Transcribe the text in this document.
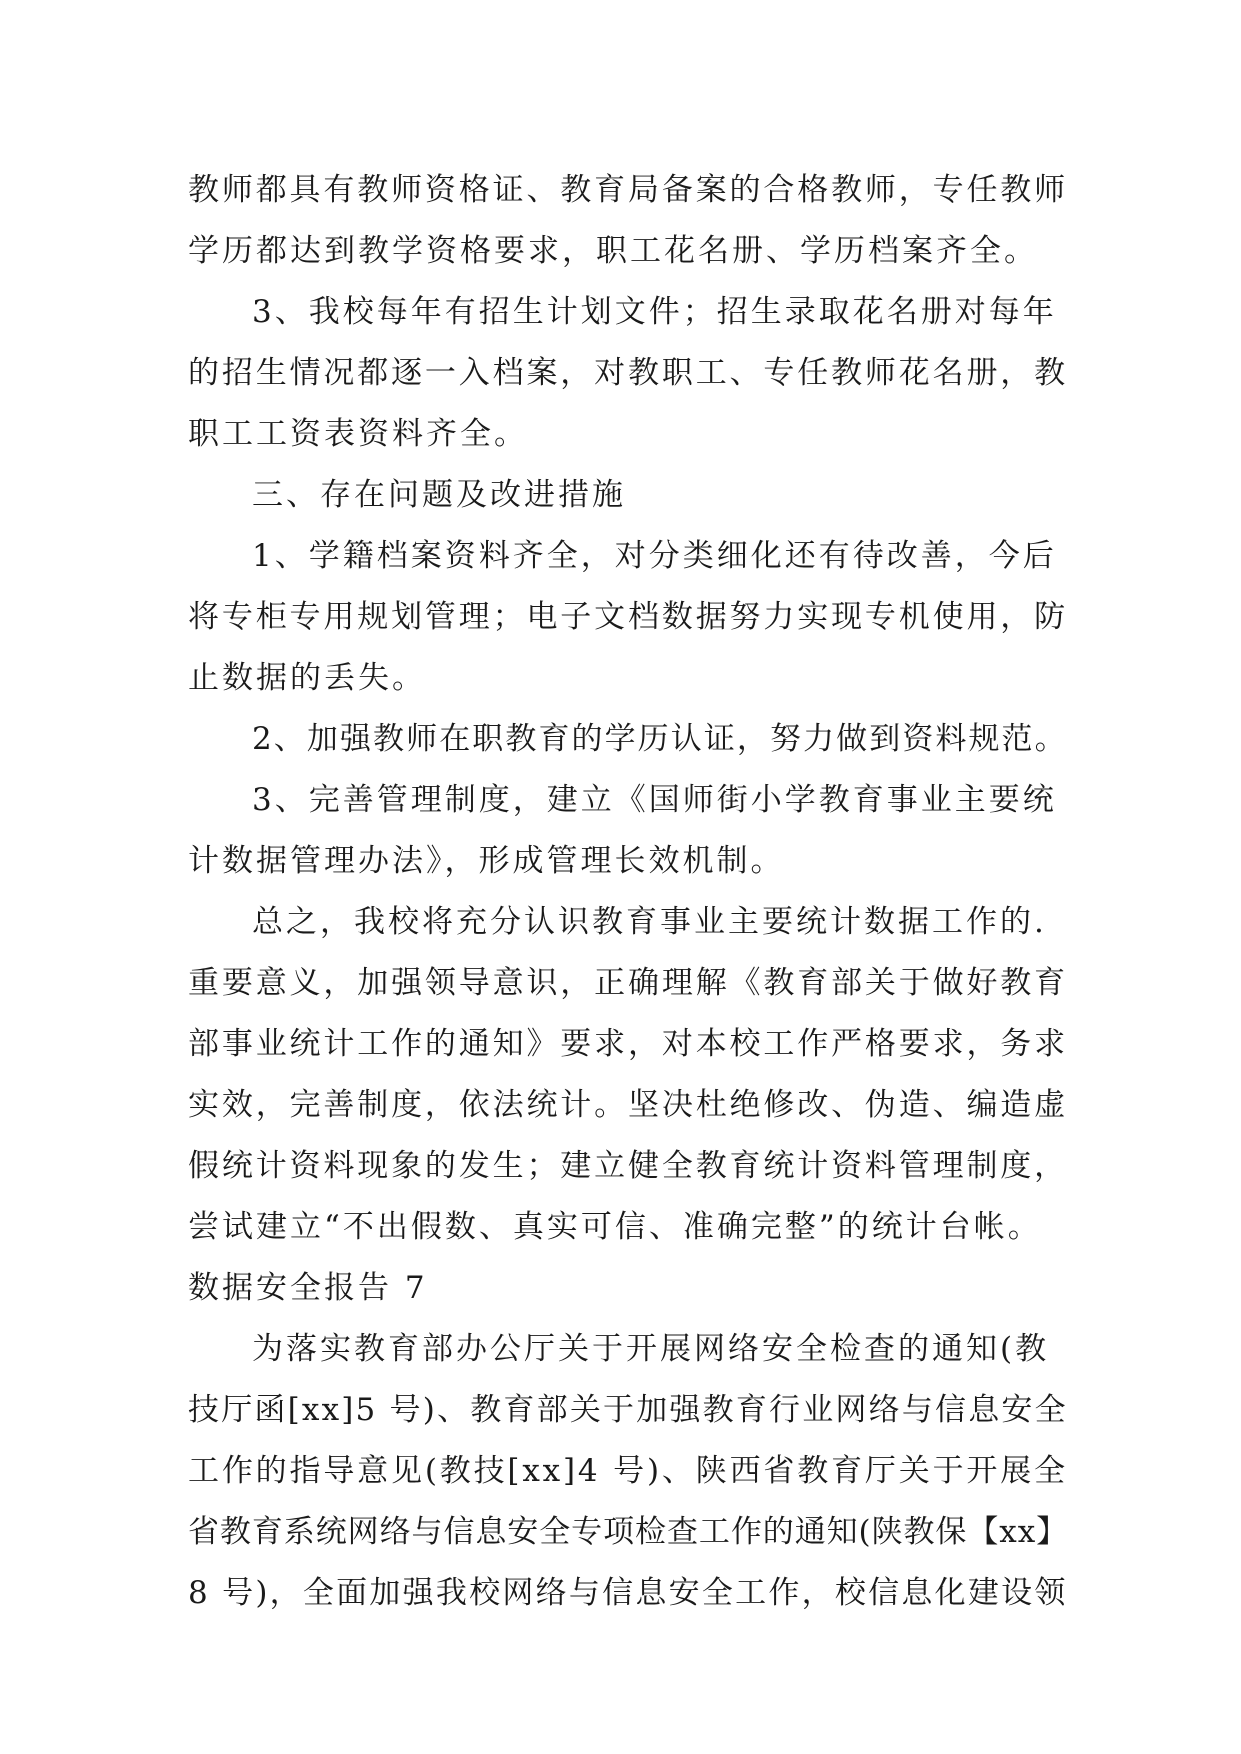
教师都具有教师资格证、教育局备案的合格教师，专任教师
学历都达到教学资格要求，职工花名册、学历档案齐全。
3、我校每年有招生计划文件；招生录取花名册对每年
的招生情况都逐一入档案，对教职工、专任教师花名册，教
职工工资表资料齐全。
三、存在问题及改进措施
1、学籍档案资料齐全，对分类细化还有待改善，今后
将专柜专用规划管理；电子文档数据努力实现专机使用，防
止数据的丢失。
2、加强教师在职教育的学历认证，努力做到资料规范。
3、完善管理制度，建立《国师街小学教育事业主要统
计数据管理办法》，形成管理长效机制。
总之，我校将充分认识教育事业主要统计数据工作的.
重要意义，加强领导意识，正确理解《教育部关于做好教育
部事业统计工作的通知》要求，对本校工作严格要求，务求
实效，完善制度，依法统计。坚决杜绝修改、伪造、编造虚
假统计资料现象的发生；建立健全教育统计资料管理制度，
尝试建立“不出假数、真实可信、准确完整”的统计台帐。
数据安全报告 7
为落实教育部办公厅关于开展网络安全检查的通知(教
技厅函[xx]5 号)、教育部关于加强教育行业网络与信息安全
工作的指导意见(教技[xx]4 号)、陕西省教育厅关于开展全
省教育系统网络与信息安全专项检查工作的通知(陕教保【xx】
8 号)，全面加强我校网络与信息安全工作，校信息化建设领
